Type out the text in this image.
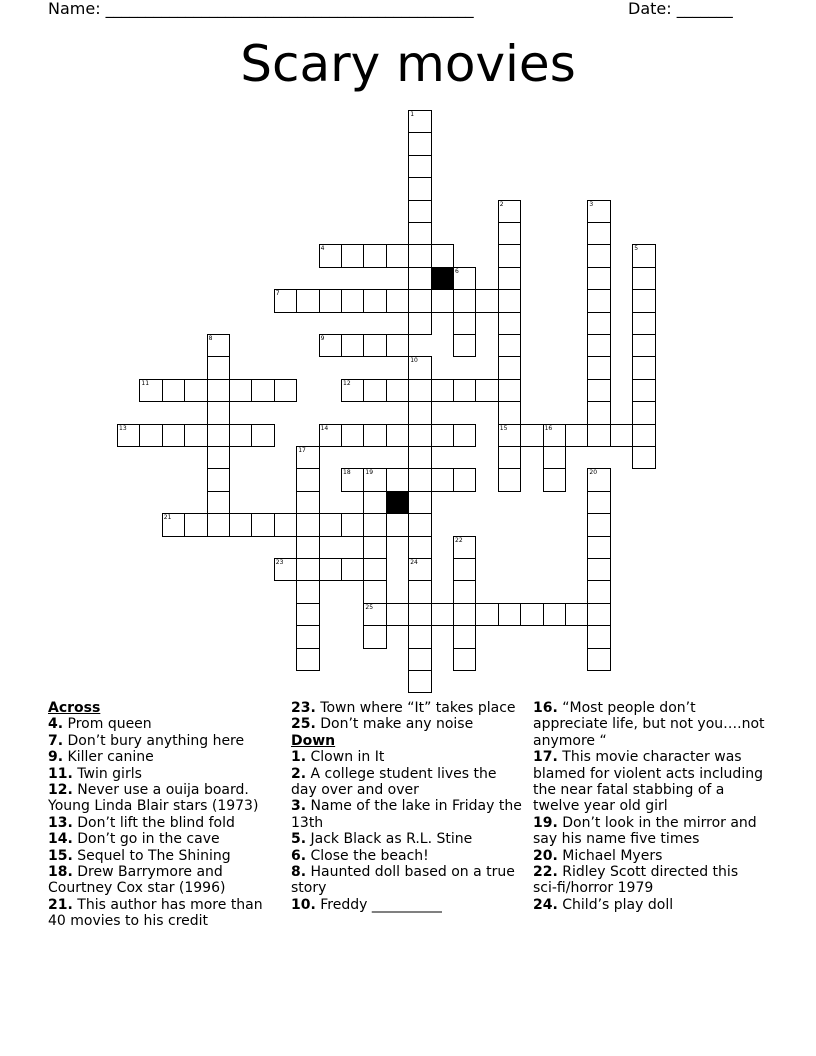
Name: ______________________________________________	Date: _______
Scary movies
4
7
9
11	12
13	14	15	16
18 19
21
23
25
1
2	3
5
6
8
10
24
17
20
22

Across

4. Prom queen

7. Don’t bury anything here

9. Killer canine

11. Twin girls

12. Never use a ouija board. Young Linda Blair stars (1973)

13. Don’t lift the blind fold

14. Don’t go in the cave

15. Sequel to The Shining

18. Drew Barrymore and Courtney Cox star (1996)

21. This author has more than 40 movies to his credit

23. Town where “It” takes place

25. Don’t make any noise

Down

1. Clown in It

2. A college student lives the day over and over

3. Name of the lake in Friday the 13th

5. Jack Black as R.L. Stine

6. Close the beach!

8. Haunted doll based on a true story

10. Freddy __________

16. “Most people don’t appreciate life, but not you….not anymore “

17. This movie character was blamed for violent acts including the near fatal stabbing of a twelve year old girl

19. Don’t look in the mirror and say his name five times

20. Michael Myers

22. Ridley Scott directed this sci-fi/horror 1979

24. Child’s play doll
